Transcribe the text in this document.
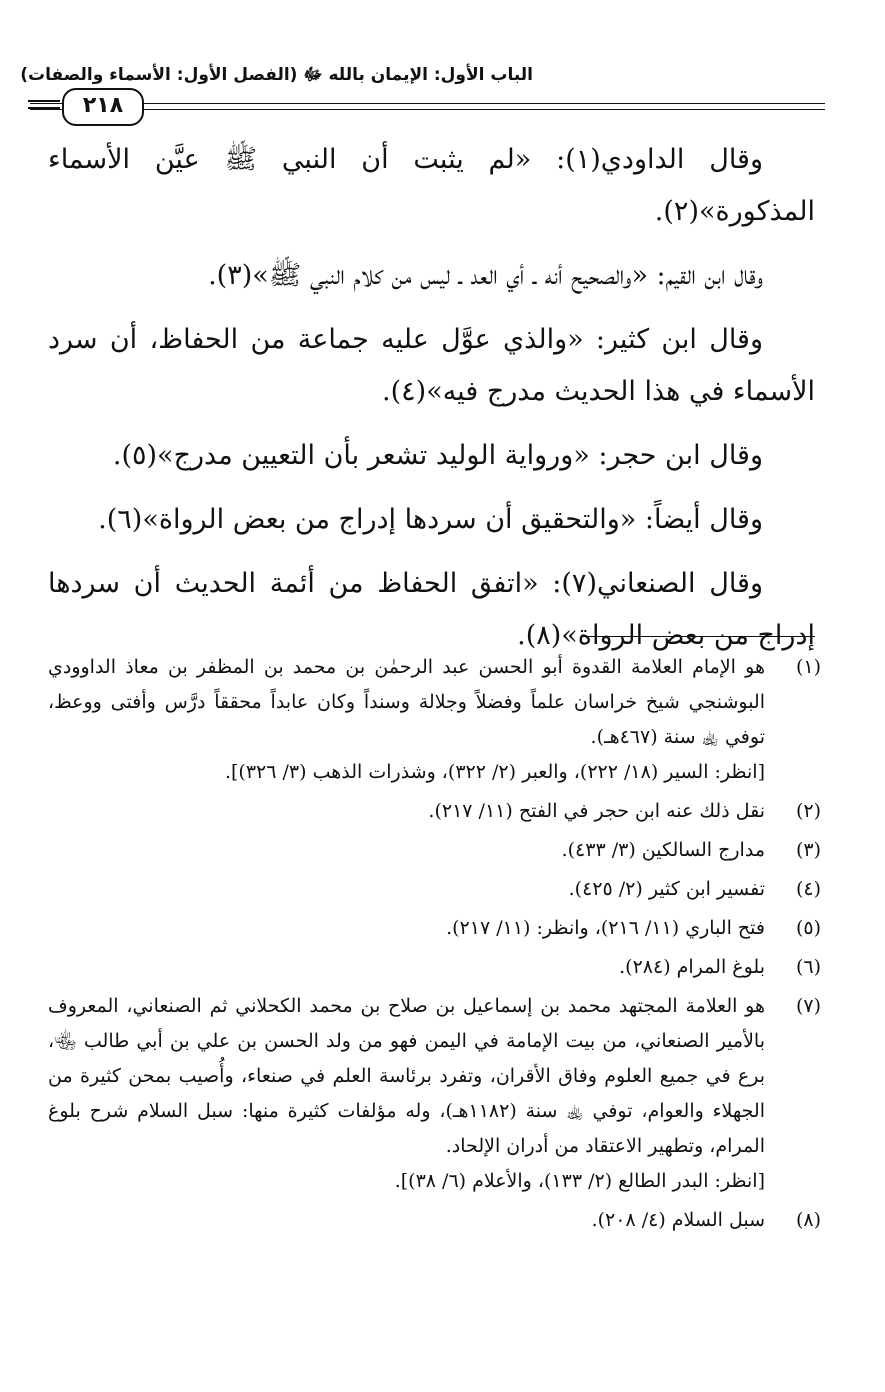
الباب الأول: الإيمان بالله ﷻ (الفصل الأول: الأسماء والصفات)
٢١٨

وقال الداودي(١): «لم يثبت أن النبي ﷺ عيَّن الأسماء المذكورة»(٢).

وقال ابن القيم: «والصحيح أنه ـ أي العد ـ ليس من كلام النبي ﷺ»(٣).

وقال ابن كثير: «والذي عوَّل عليه جماعة من الحفاظ، أن سرد الأسماء في هذا الحديث مدرج فيه»(٤).

وقال ابن حجر: «ورواية الوليد تشعر بأن التعيين مدرج»(٥).

وقال أيضاً: «والتحقيق أن سردها إدراج من بعض الرواة»(٦).

وقال الصنعاني(٧): «اتفق الحفاظ من أئمة الحديث أن سردها إدراج من بعض الرواة»(٨).

(١)
هو الإمام العلامة القدوة أبو الحسن عبد الرحمٰن بن محمد بن المظفر بن معاذ الداوودي البوشنجي شيخ خراسان علماً وفضلاً وجلالة وسنداً وكان عابداً محققاً درَّس وأفتى ووعظ، توفي ﵀ سنة (٤٦٧هـ).
[انظر: السير (١٨/ ٢٢٢)، والعبر (٢/ ٣٢٢)، وشذرات الذهب (٣/ ٣٢٦)].
(٢)
نقل ذلك عنه ابن حجر في الفتح (١١/ ٢١٧).
(٣)
مدارج السالكين (٣/ ٤٣٣).
(٤)
تفسير ابن كثير (٢/ ٤٢٥).
(٥)
فتح الباري (١١/ ٢١٦)، وانظر: (١١/ ٢١٧).
(٦)
بلوغ المرام (٢٨٤).
(٧)
هو العلامة المجتهد محمد بن إسماعيل بن صلاح بن محمد الكحلاني ثم الصنعاني، المعروف بالأمير الصنعاني، من بيت الإمامة في اليمن فهو من ولد الحسن بن علي بن أبي طالب ﵄، برع في جميع العلوم وفاق الأقران، وتفرد برئاسة العلم في صنعاء، وأُصيب بمحن كثيرة من الجهلاء والعوام، توفي ﵀ سنة (١١٨٢هـ)، وله مؤلفات كثيرة منها: سبل السلام شرح بلوغ المرام، وتطهير الاعتقاد من أدران الإلحاد.
[انظر: البدر الطالع (٢/ ١٣٣)، والأعلام (٦/ ٣٨)].
(٨)
سبل السلام (٤/ ٢٠٨).
